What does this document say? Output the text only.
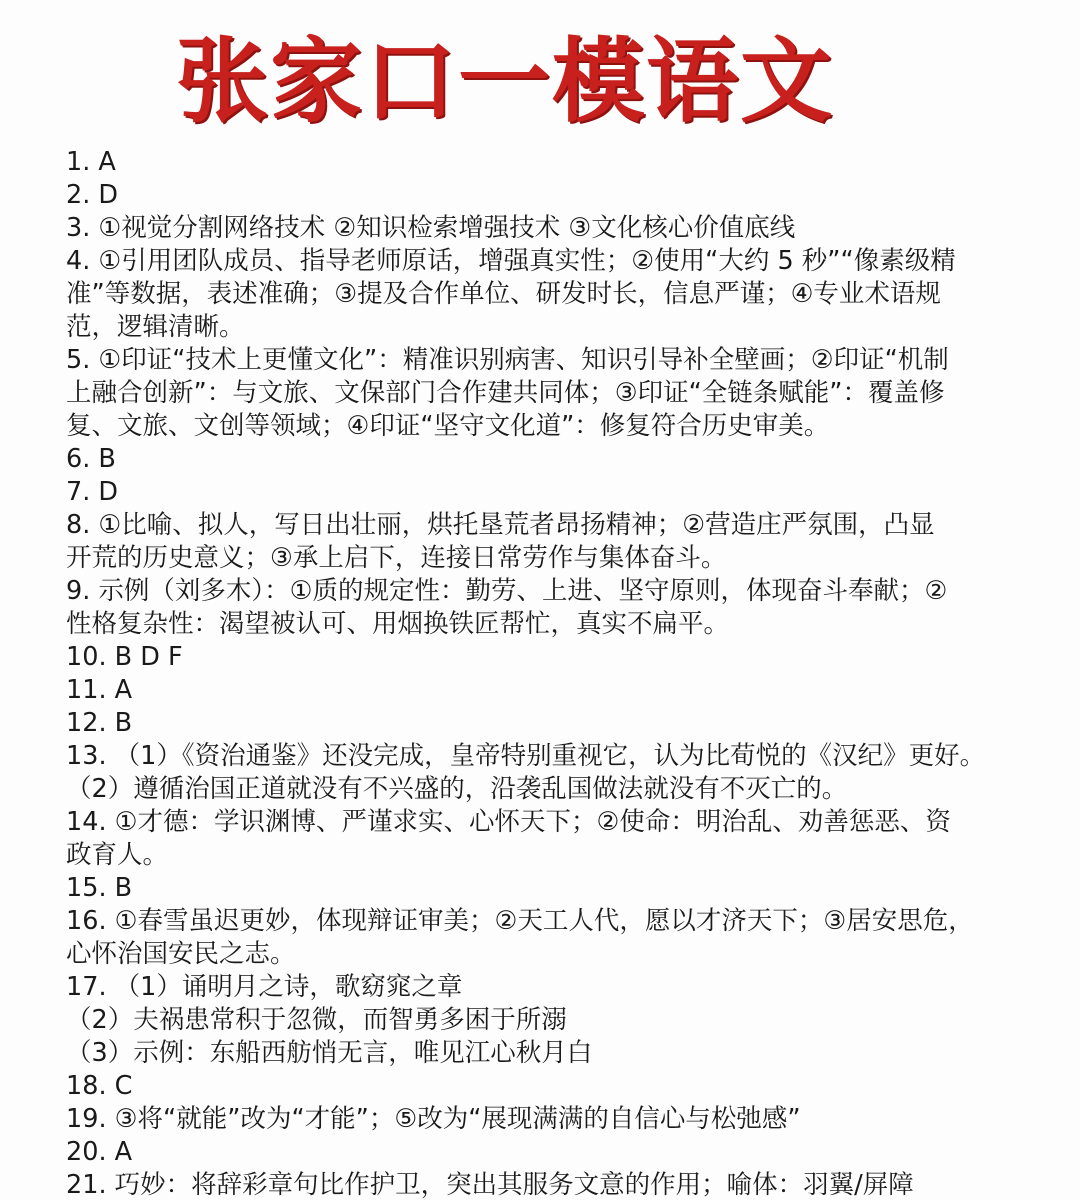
张家口一模语文
1. A
2. D
3. ①视觉分割网络技术 ②知识检索增强技术 ③文化核心价值底线
4. ①引用团队成员、指导老师原话，增强真实性；②使用“大约 5 秒”“像素级精
准”等数据，表述准确；③提及合作单位、研发时长，信息严谨；④专业术语规
范，逻辑清晰。
5. ①印证“技术上更懂文化”：精准识别病害、知识引导补全壁画；②印证“机制
上融合创新”：与文旅、文保部门合作建共同体；③印证“全链条赋能”：覆盖修
复、文旅、文创等领域；④印证“坚守文化道”：修复符合历史审美。
6. B
7. D
8. ①比喻、拟人，写日出壮丽，烘托垦荒者昂扬精神；②营造庄严氛围，凸显
开荒的历史意义；③承上启下，连接日常劳作与集体奋斗。
9. 示例（刘多木）：①质的规定性：勤劳、上进、坚守原则，体现奋斗奉献；②
性格复杂性：渴望被认可、用烟换铁匠帮忙，真实不扁平。
10. B D F
11. A
12. B
13. （1）《资治通鉴》还没完成，皇帝特别重视它，认为比荀悦的《汉纪》更好。
（2）遵循治国正道就没有不兴盛的，沿袭乱国做法就没有不灭亡的。
14. ①才德：学识渊博、严谨求实、心怀天下；②使命：明治乱、劝善惩恶、资
政育人。
15. B
16. ①春雪虽迟更妙，体现辩证审美；②天工人代，愿以才济天下；③居安思危，
心怀治国安民之志。
17. （1）诵明月之诗，歌窈窕之章
（2）夫祸患常积于忽微，而智勇多困于所溺
（3）示例：东船西舫悄无言，唯见江心秋月白
18. C
19. ③将“就能”改为“才能”；⑤改为“展现满满的自信心与松弛感”
20. A
21. 巧妙：将辞彩章句比作护卫，突出其服务文意的作用；喻体：羽翼/屏障
